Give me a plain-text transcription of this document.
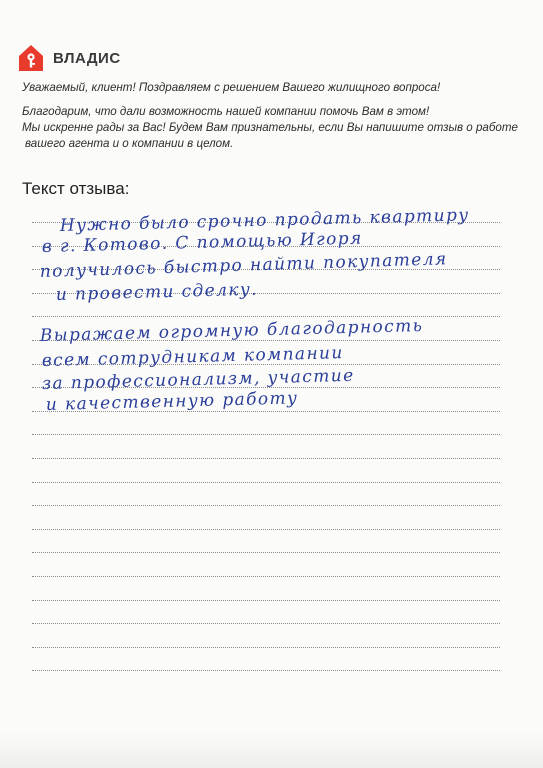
ВЛАДИС
Уважаемый, клиент! Поздравляем с решением Вашего жилищного вопроса!
Благодарим, что дали возможность нашей компании помочь Вам в этом!
Мы искренне рады за Вас! Будем Вам признательны, если Вы напишите отзыв о работе
вашего агента и о компании в целом.
Текст отзыва:
Нужно было срочно продать квартиру
в г. Котово. С помощью Игоря
получилось быстро найти покупателя
и провести сделку.
Выражаем огромную благодарность
всем сотрудникам компании
за профессионализм, участие
и качественную работу
